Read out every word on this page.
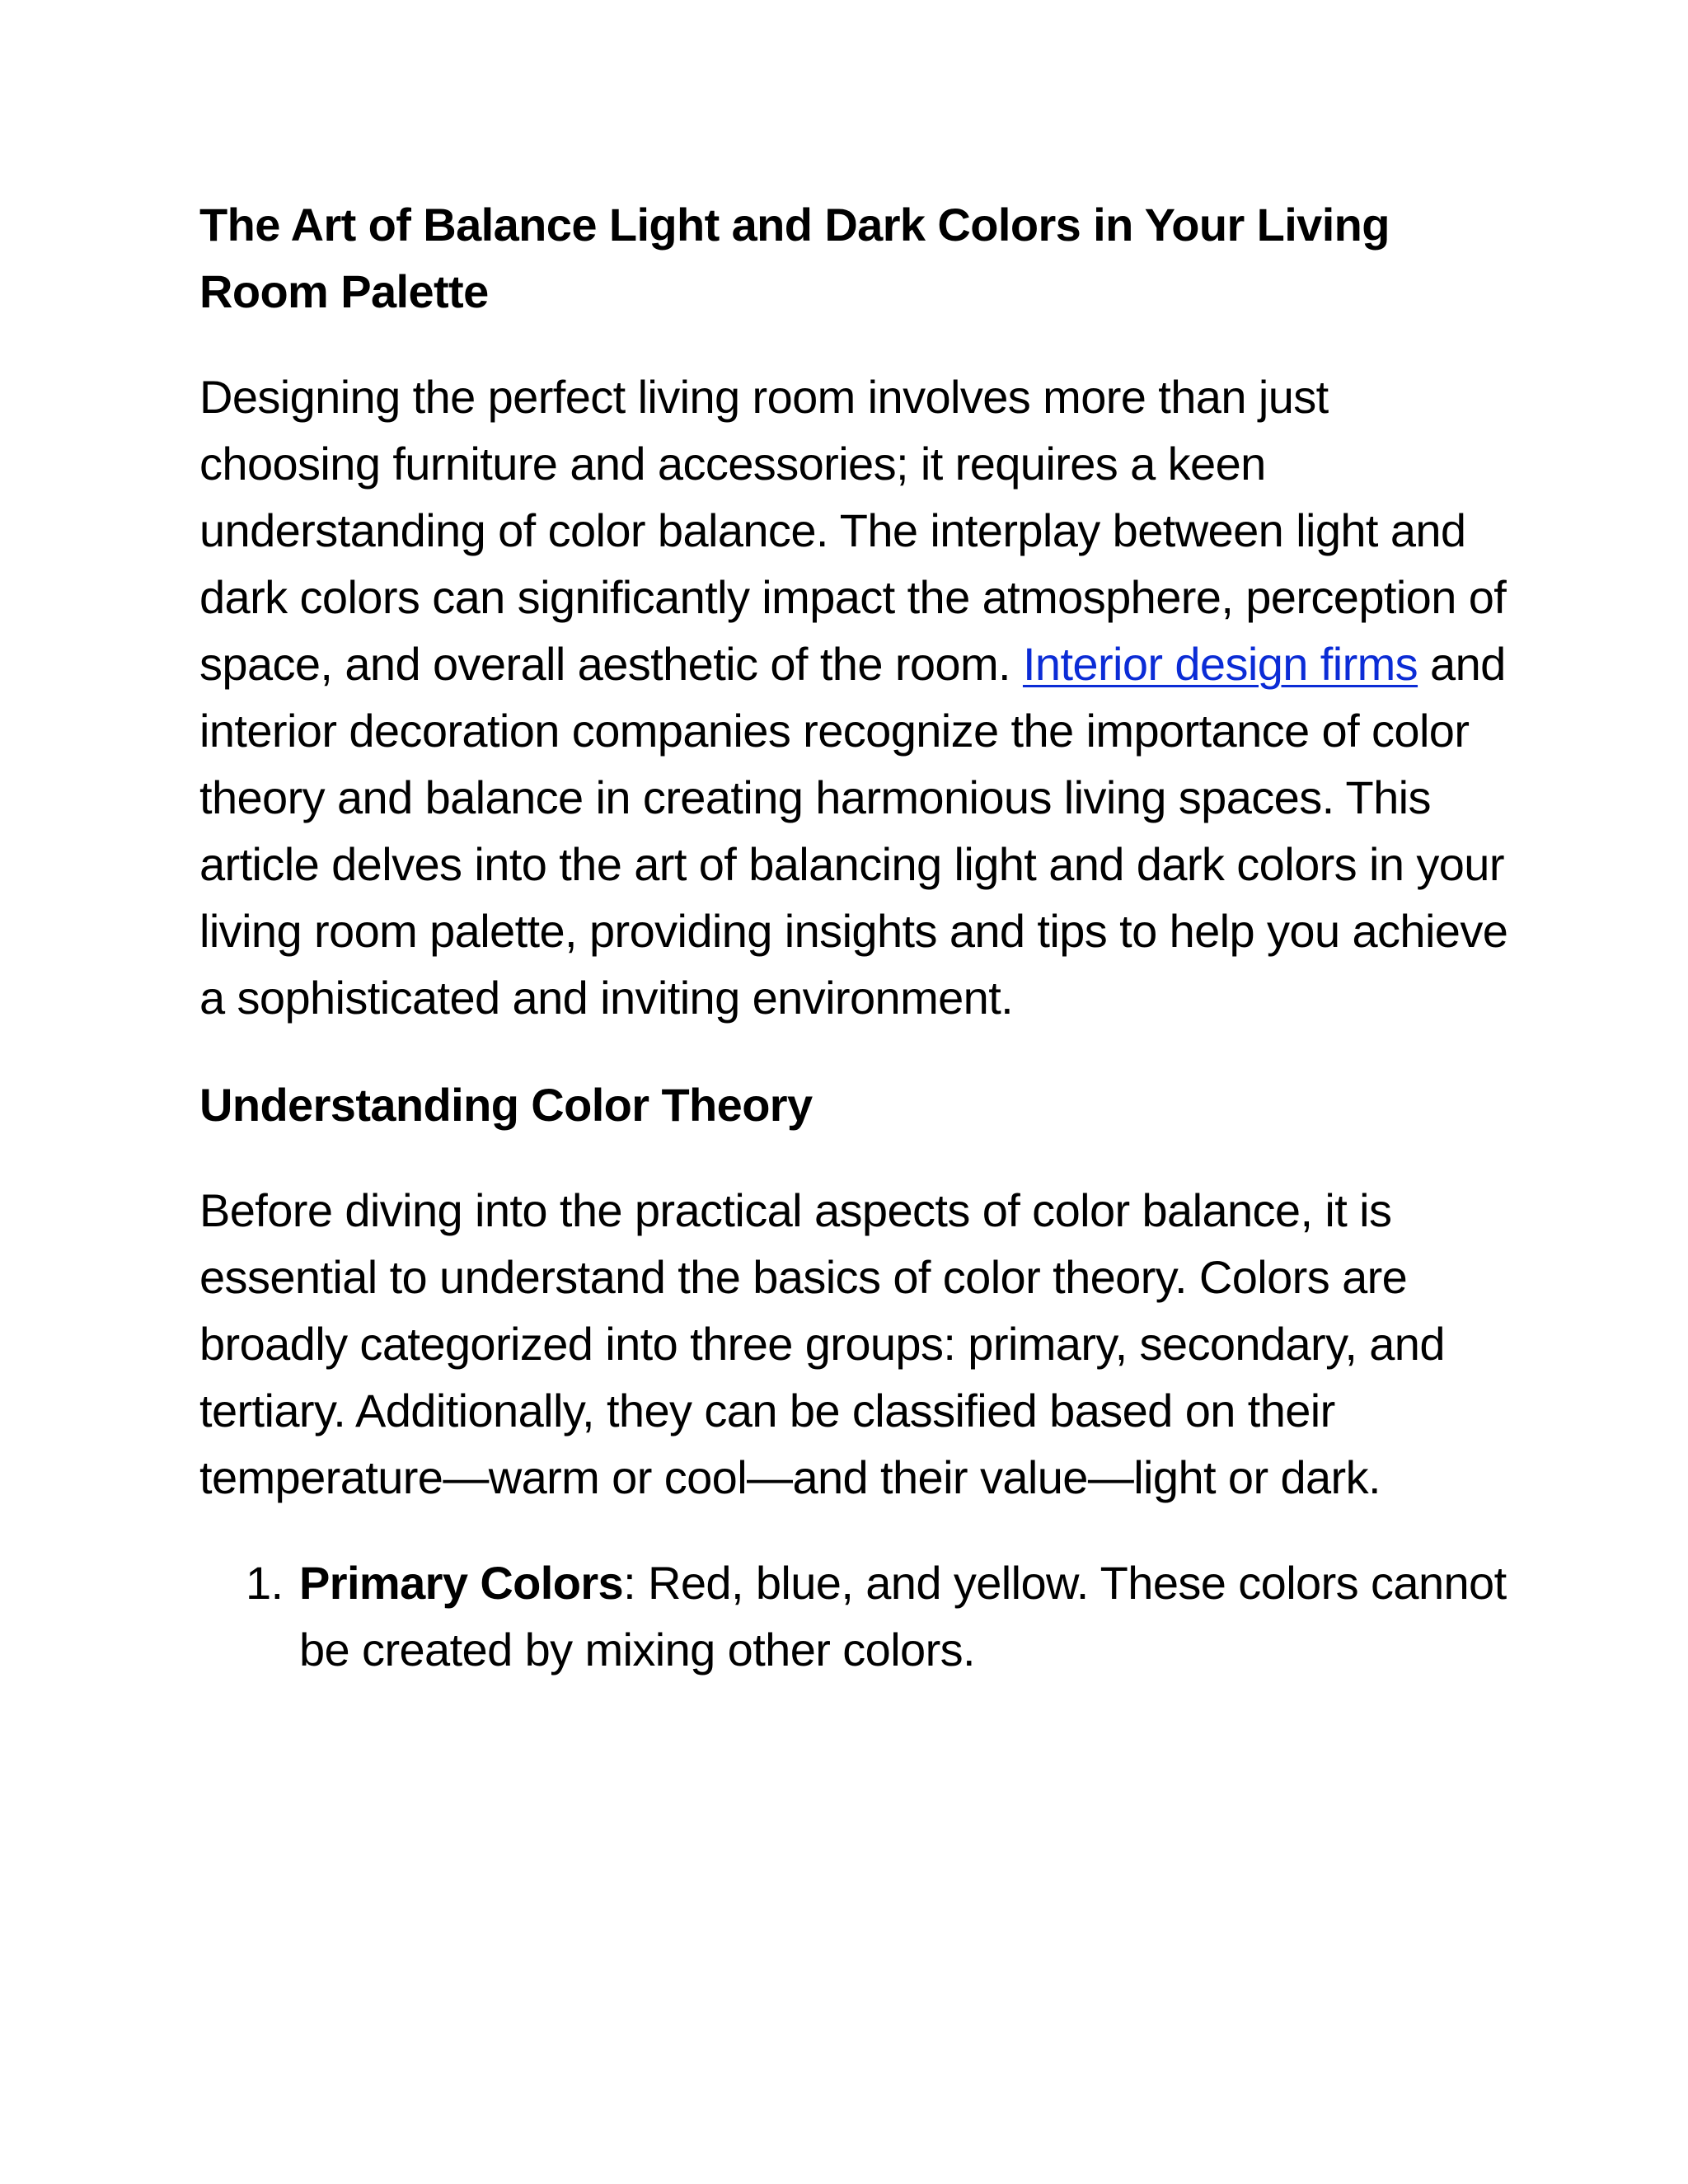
The Art of Balance Light and Dark Colors in Your Living Room Palette

Designing the perfect living room involves more than just choosing furniture and accessories; it requires a keen understanding of color balance. The interplay between light and dark colors can significantly impact the atmosphere, perception of space, and overall aesthetic of the room. Interior design firms and interior decoration companies recognize the importance of color theory and balance in creating harmonious living spaces. This article delves into the art of balancing light and dark colors in your living room palette, providing insights and tips to help you achieve a sophisticated and inviting environment.

Understanding Color Theory

Before diving into the practical aspects of color balance, it is essential to understand the basics of color theory. Colors are broadly categorized into three groups: primary, secondary, and tertiary. Additionally, they can be classified based on their temperature—warm or cool—and their value—light or dark.

1. Primary Colors: Red, blue, and yellow. These colors cannot be created by mixing other colors.
